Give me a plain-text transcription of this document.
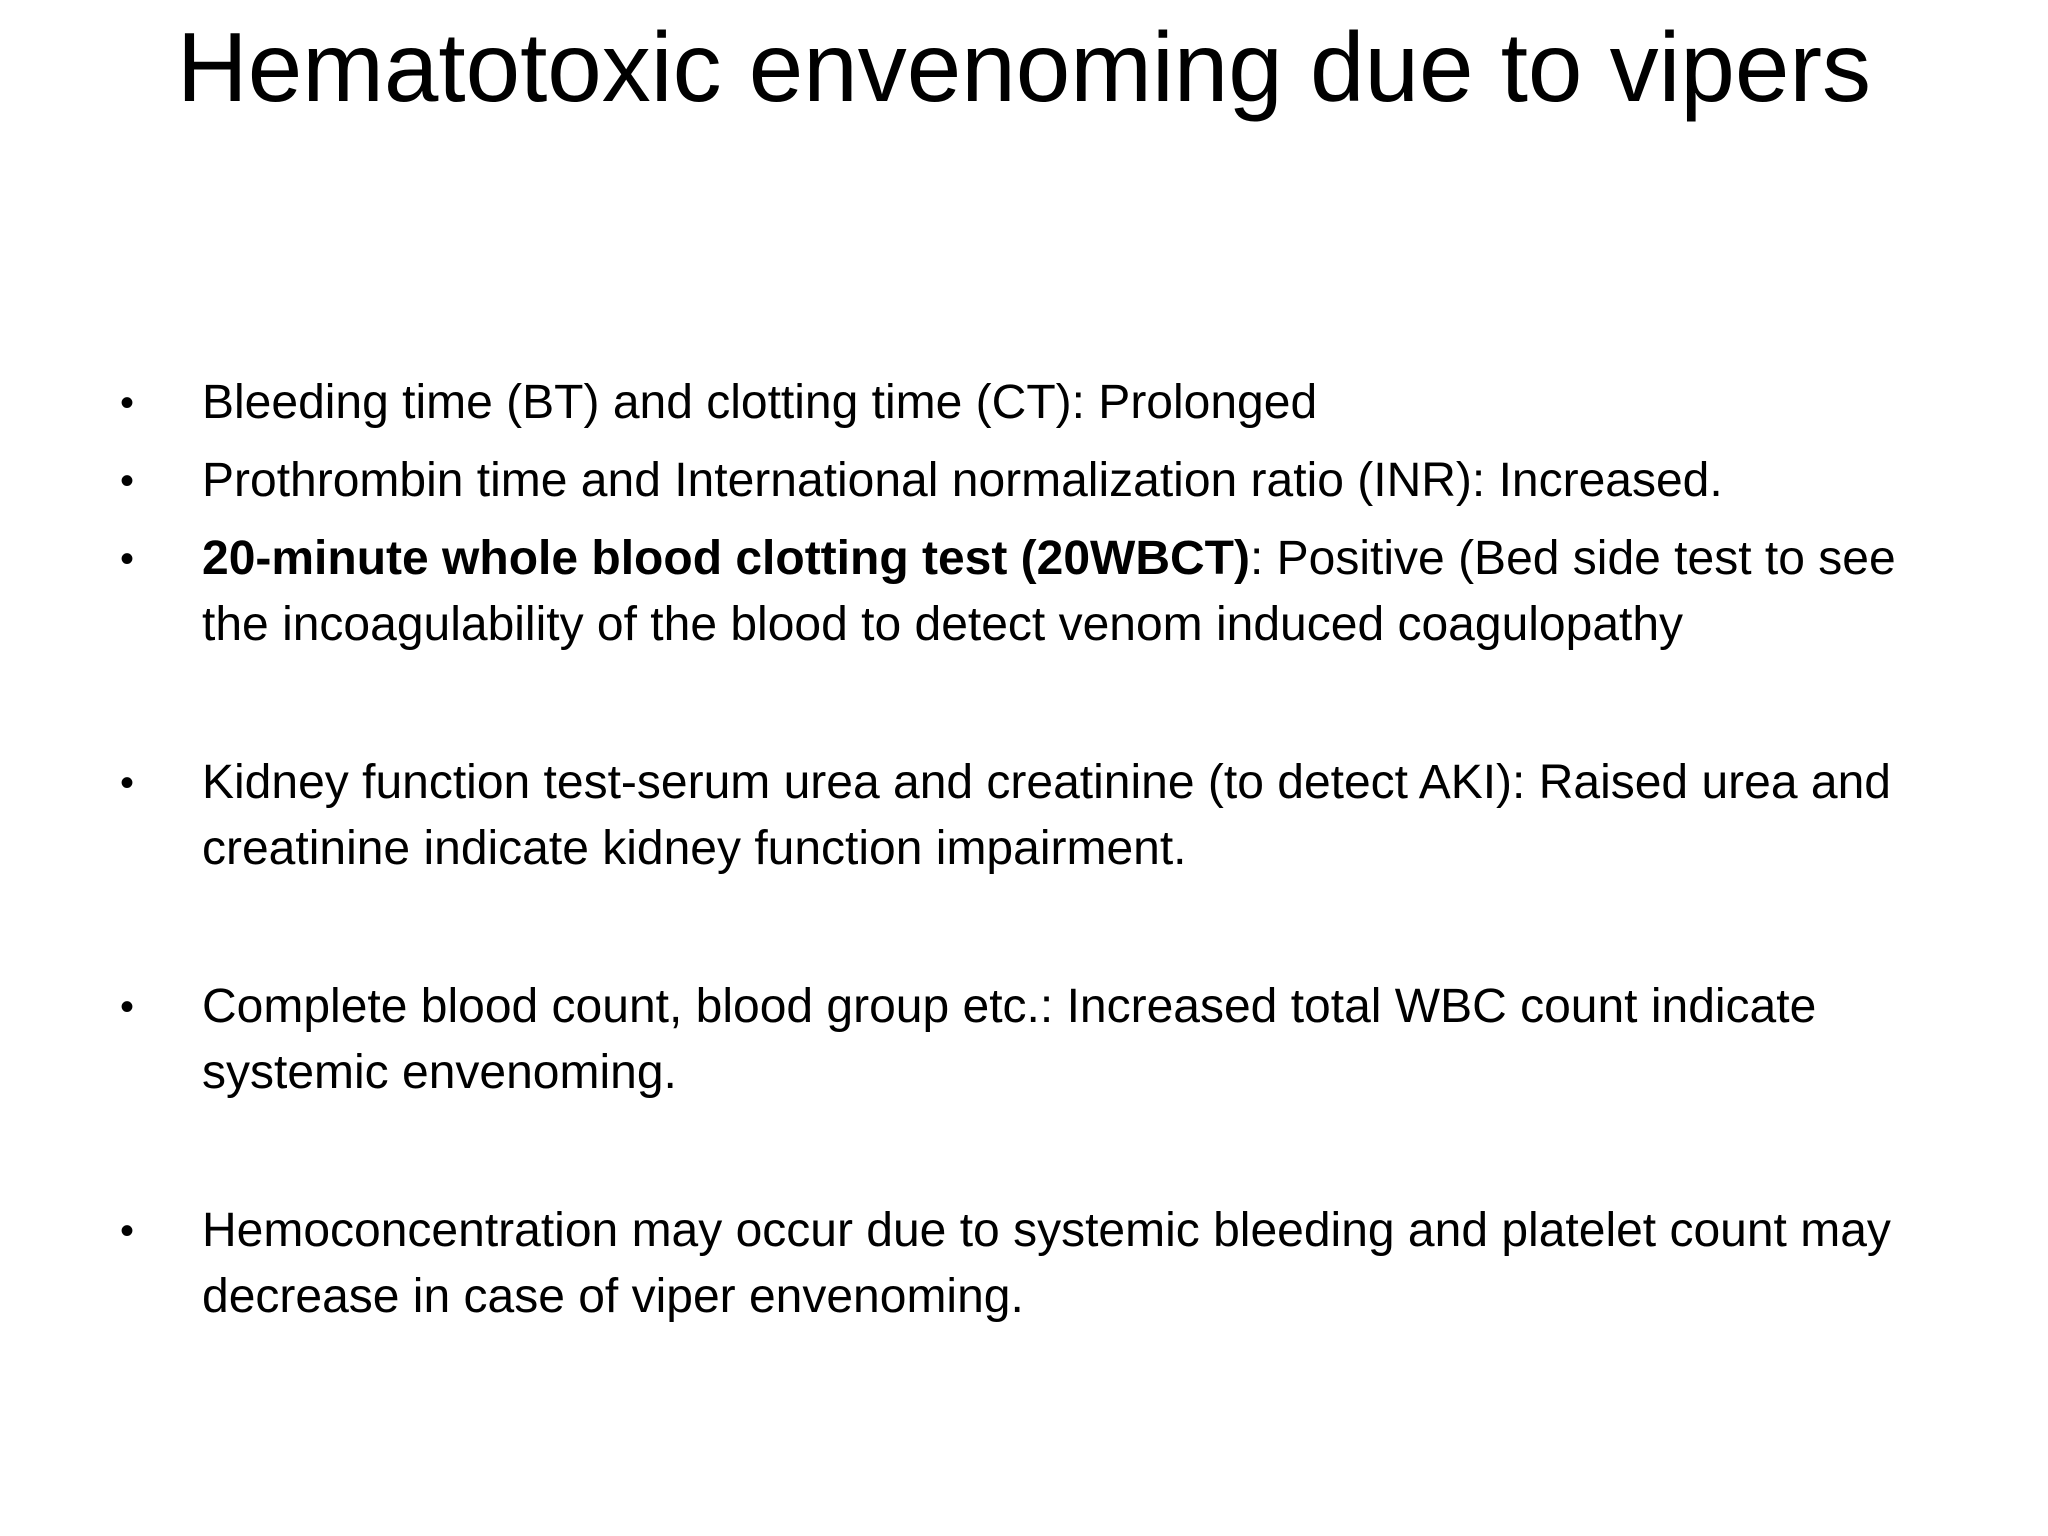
Hematotoxic envenoming due to vipers
•	Bleeding time (BT) and clotting time (CT): Prolonged
•	Prothrombin time and International normalization ratio (INR): Increased.
•	20-minute whole blood clotting test (20WBCT): Positive (Bed side test to see the incoagulability of the blood to detect venom induced coagulopathy
•	Kidney function test-serum urea and creatinine (to detect AKI): Raised urea and creatinine indicate kidney function impairment.
•	Complete blood count, blood group etc.: Increased total WBC count indicate systemic envenoming.
•	Hemoconcentration may occur due to systemic bleeding and platelet count may decrease in case of viper envenoming.
